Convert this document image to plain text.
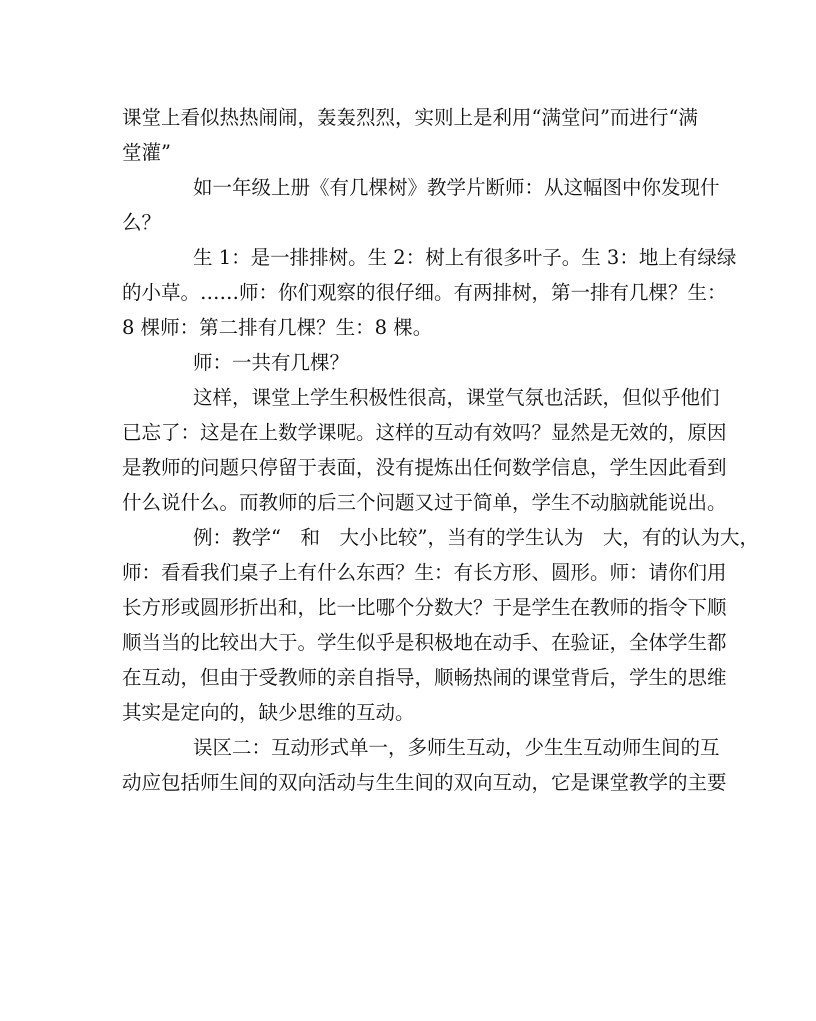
课堂上看似热热闹闹，轰轰烈烈，实则上是利用“满堂问”而进行“满
堂灌”
如一年级上册《有几棵树》教学片断师：从这幅图中你发现什
么？
生 1：是一排排树。生 2：树上有很多叶子。生 3：地上有绿绿
的小草。……师：你们观察的很仔细。有两排树，第一排有几棵？生：
8 棵师：第二排有几棵？生：8 棵。
师：一共有几棵？
这样，课堂上学生积极性很高，课堂气氛也活跃，但似乎他们
已忘了：这是在上数学课呢。这样的互动有效吗？显然是无效的，原因
是教师的问题只停留于表面，没有提炼出任何数学信息，学生因此看到
什么说什么。而教师的后三个问题又过于简单，学生不动脑就能说出。
例：教学“　和　大小比较”，当有的学生认为　大，有的认为大，
师：看看我们桌子上有什么东西？生：有长方形、圆形。师：请你们用
长方形或圆形折出和，比一比哪个分数大？于是学生在教师的指令下顺
顺当当的比较出大于。学生似乎是积极地在动手、在验证，全体学生都
在互动，但由于受教师的亲自指导，顺畅热闹的课堂背后，学生的思维
其实是定向的，缺少思维的互动。
误区二：互动形式单一，多师生互动，少生生互动师生间的互
动应包括师生间的双向活动与生生间的双向互动，它是课堂教学的主要
